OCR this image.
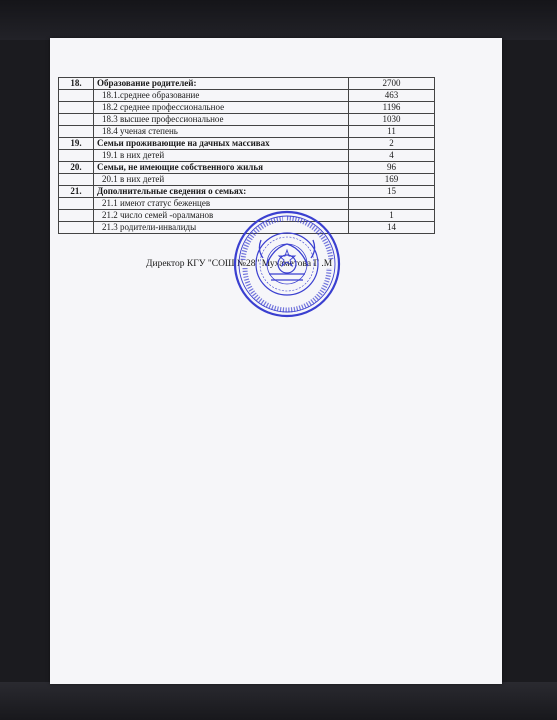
18.	Образование родителей:	2700
	18.1.среднее образование	463
	18.2 среднее профессиональное	1196
	18.3 высшее профессиональное	1030
	18.4 ученая степень	11
19.	Семьи проживающие на дачных массивах	2
	19.1 в них детей	4
20.	Семьи, не имеющие собственного жилья	96
	20.1 в них детей	169
21.	Дополнительные сведения о семьях:	15
	21.1 имеют статус беженцев	
	21.2 число семей -оралманов	1
	21.3 родители-инвалиды	14
Директор КГУ "СОШ №28" Мухаметова Г .М
